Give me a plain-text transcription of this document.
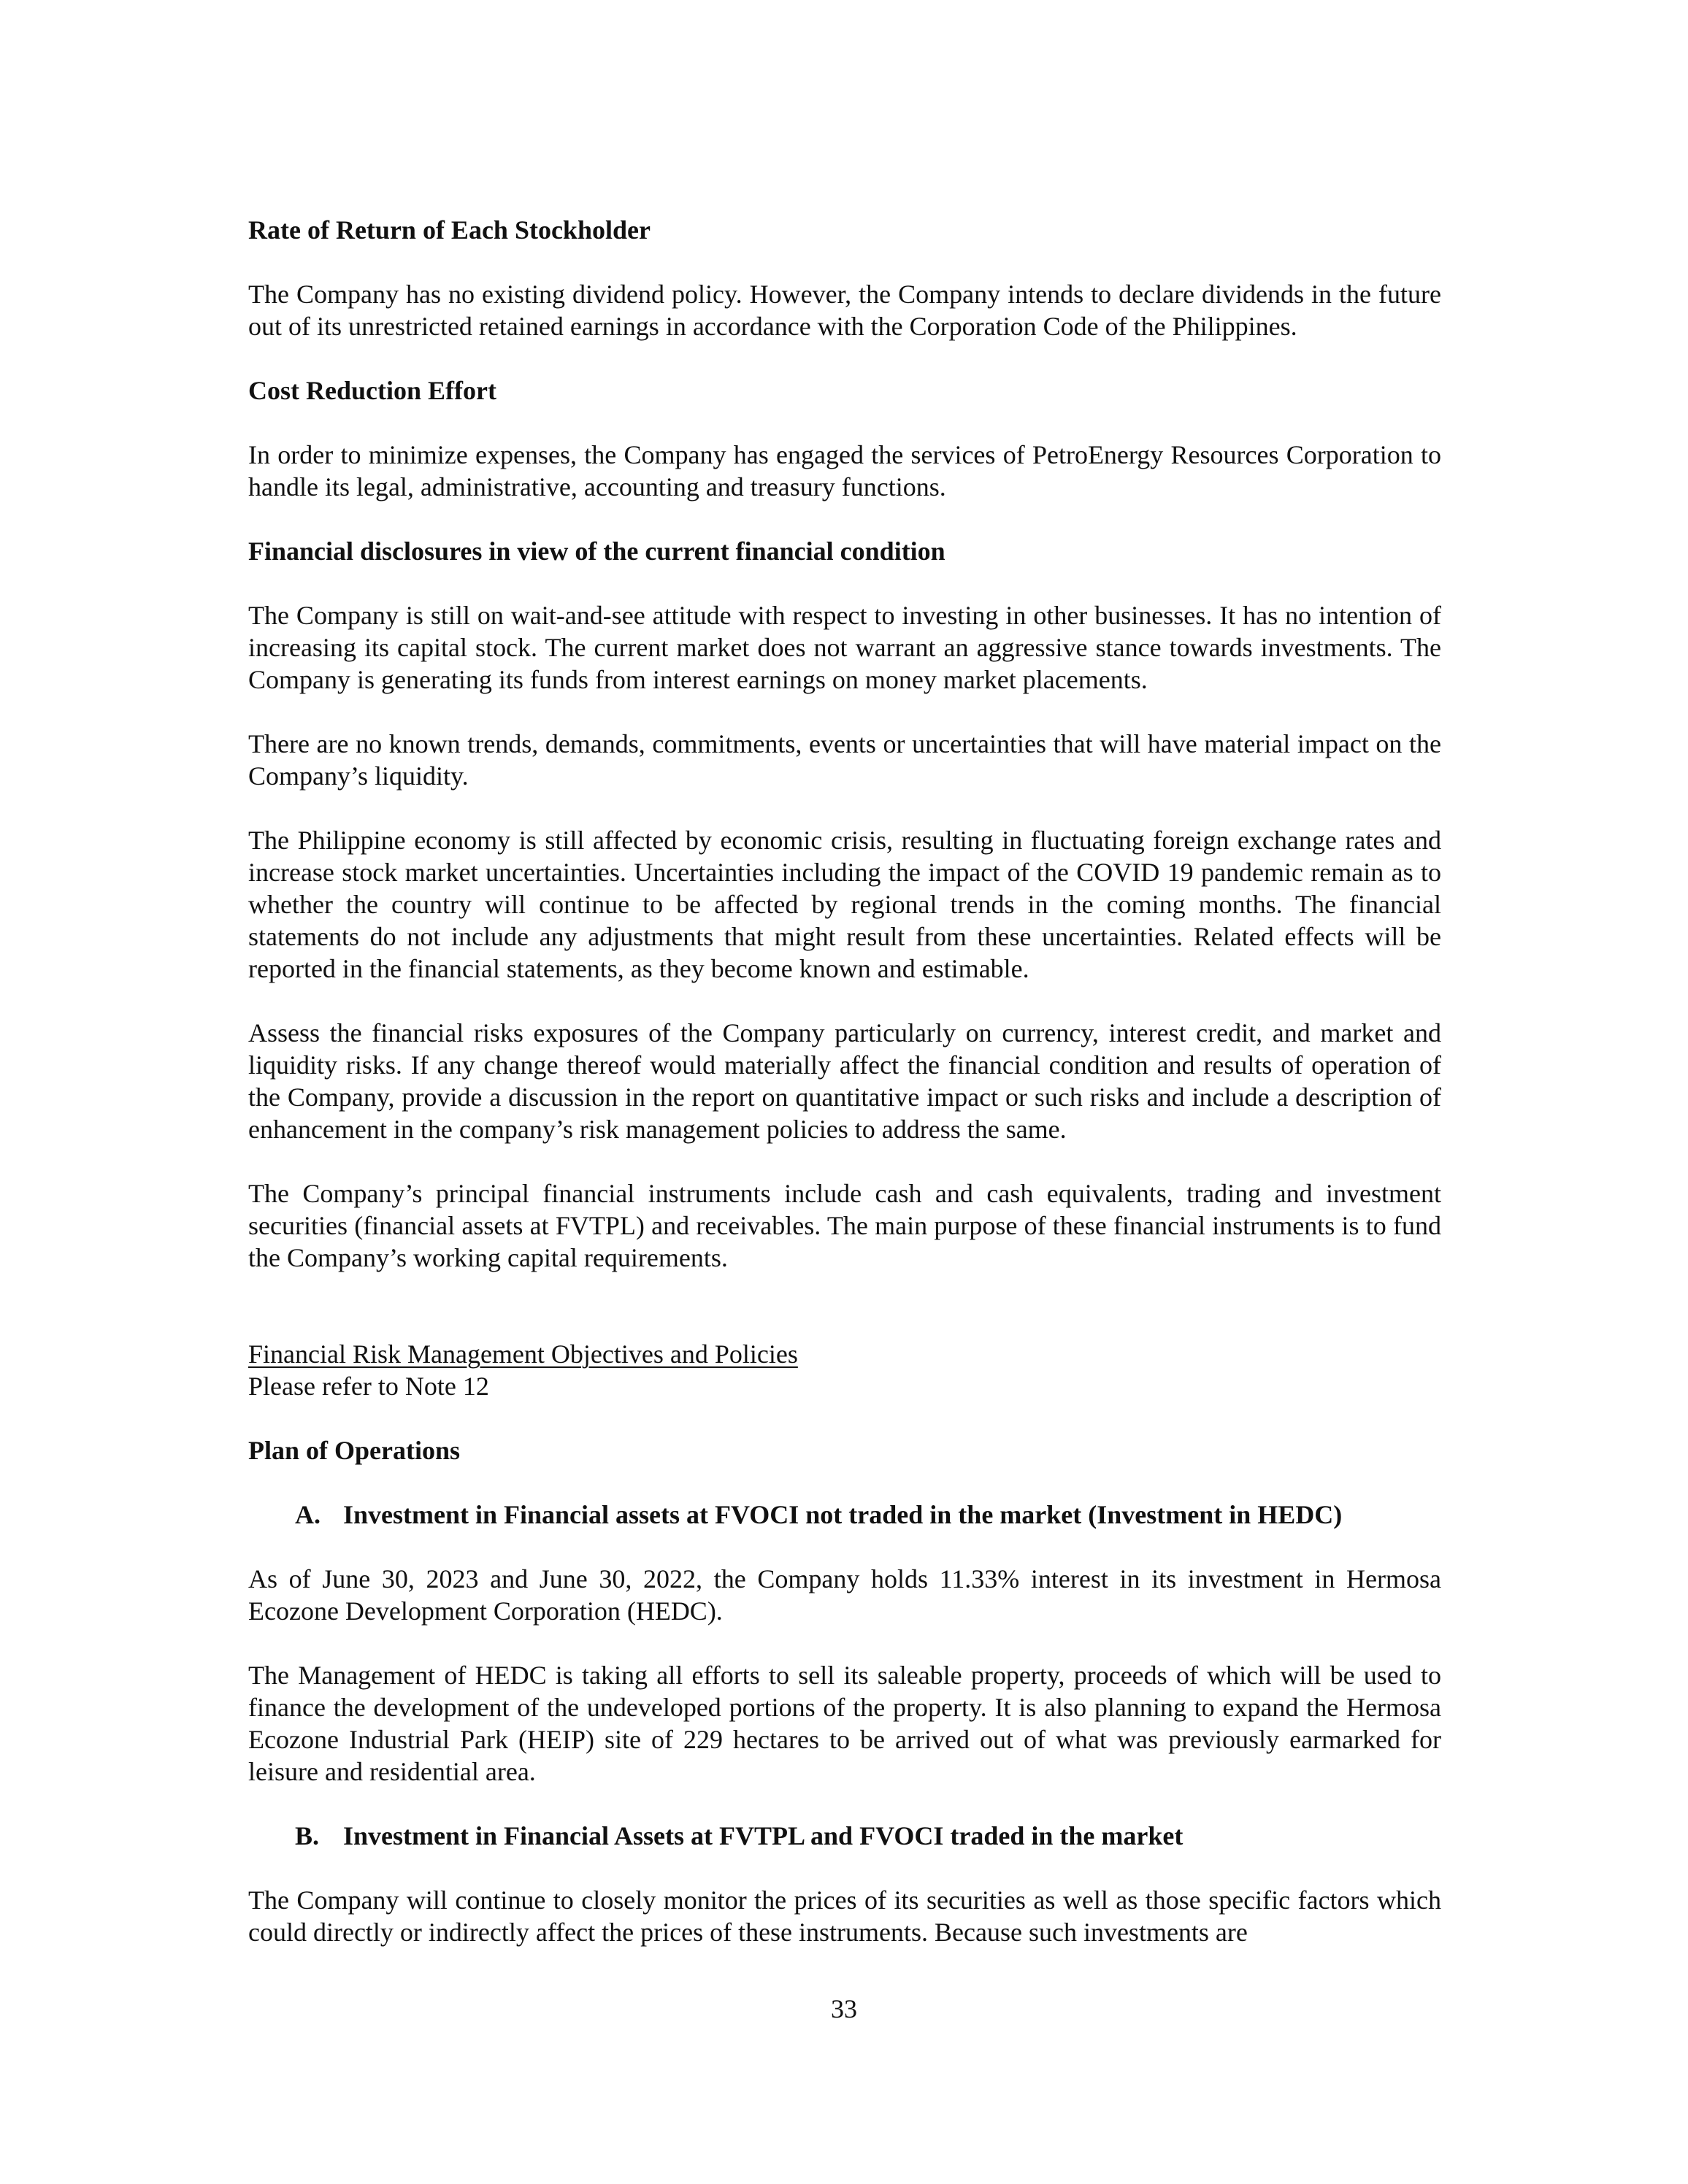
Rate of Return of Each Stockholder

The Company has no existing dividend policy. However, the Company intends to declare dividends in the future out of its unrestricted retained earnings in accordance with the Corporation Code of the Philippines.

Cost Reduction Effort

In order to minimize expenses, the Company has engaged the services of PetroEnergy Resources Corporation to handle its legal, administrative, accounting and treasury functions.

Financial disclosures in view of the current financial condition

The Company is still on wait-and-see attitude with respect to investing in other businesses. It has no intention of increasing its capital stock. The current market does not warrant an aggressive stance towards investments. The Company is generating its funds from interest earnings on money market placements.

There are no known trends, demands, commitments, events or uncertainties that will have material impact on the Company’s liquidity.

The Philippine economy is still affected by economic crisis, resulting in fluctuating foreign exchange rates and increase stock market uncertainties. Uncertainties including the impact of the COVID 19 pandemic remain as to whether the country will continue to be affected by regional trends in the coming months. The financial statements do not include any adjustments that might result from these uncertainties. Related effects will be reported in the financial statements, as they become known and estimable.

Assess the financial risks exposures of the Company particularly on currency, interest credit, and market and liquidity risks. If any change thereof would materially affect the financial condition and results of operation of the Company, provide a discussion in the report on quantitative impact or such risks and include a description of enhancement in the company’s risk management policies to address the same.

The Company’s principal financial instruments include cash and cash equivalents, trading and investment securities (financial assets at FVTPL) and receivables. The main purpose of these financial instruments is to fund the Company’s working capital requirements.

Financial Risk Management Objectives and Policies

Please refer to Note 12

Plan of Operations

A. Investment in Financial assets at FVOCI not traded in the market (Investment in HEDC)

As of June 30, 2023 and June 30, 2022, the Company holds 11.33% interest in its investment in Hermosa Ecozone Development Corporation (HEDC).

The Management of HEDC is taking all efforts to sell its saleable property, proceeds of which will be used to finance the development of the undeveloped portions of the property. It is also planning to expand the Hermosa Ecozone Industrial Park (HEIP) site of 229 hectares to be arrived out of what was previously earmarked for leisure and residential area.

B. Investment in Financial Assets at FVTPL and FVOCI traded in the market

The Company will continue to closely monitor the prices of its securities as well as those specific factors which could directly or indirectly affect the prices of these instruments. Because such investments are

33
